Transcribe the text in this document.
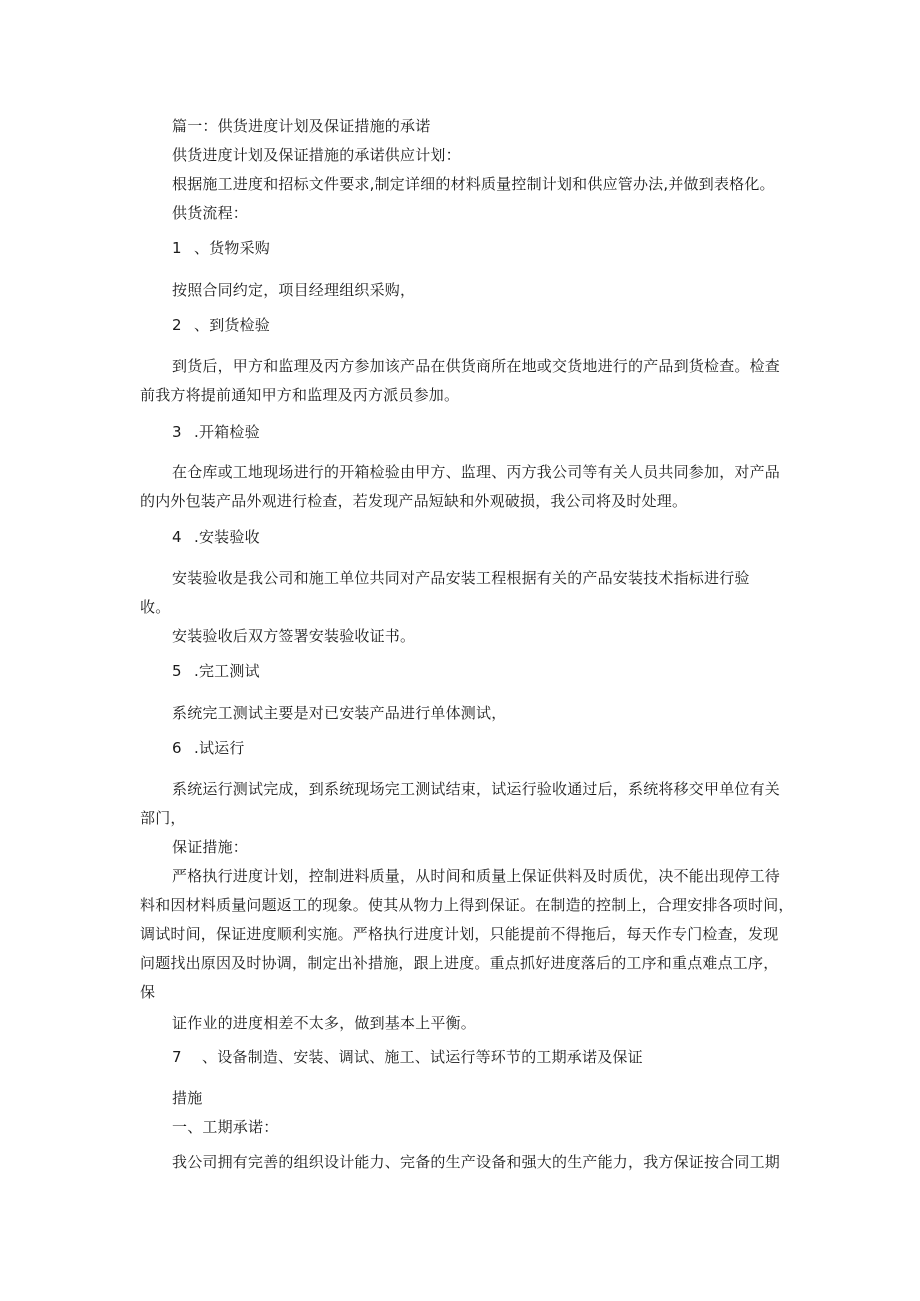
篇一：供货进度计划及保证措施的承诺
供货进度计划及保证措施的承诺供应计划：
根据施工进度和招标文件要求,制定详细的材料质量控制计划和供应管办法,并做到表格化。
供货流程：
1 、货物采购
按照合同约定，项目经理组织采购，
2 、到货检验
到货后，甲方和监理及丙方参加该产品在供货商所在地或交货地进行的产品到货检查。检查
前我方将提前通知甲方和监理及丙方派员参加。
3 .开箱检验
在仓库或工地现场进行的开箱检验由甲方、监理、丙方我公司等有关人员共同参加，对产品
的内外包装产品外观进行检查，若发现产品短缺和外观破损，我公司将及时处理。
4 .安装验收
安装验收是我公司和施工单位共同对产品安装工程根据有关的产品安装技术指标进行验
收。
安装验收后双方签署安装验收证书。
5 .完工测试
系统完工测试主要是对已安装产品进行单体测试，
6 .试运行
系统运行测试完成，到系统现场完工测试结束，试运行验收通过后，系统将移交甲单位有关
部门，
保证措施：
严格执行进度计划，控制进料质量，从时间和质量上保证供料及时质优，决不能出现停工待
料和因材料质量问题返工的现象。使其从物力上得到保证。在制造的控制上，合理安排各项时间，
调试时间，保证进度顺利实施。严格执行进度计划，只能提前不得拖后，每天作专门检查，发现
问题找出原因及时协调，制定出补措施，跟上进度。重点抓好进度落后的工序和重点难点工序，
保
证作业的进度相差不太多，做到基本上平衡。
7 、设备制造、安装、调试、施工、试运行等环节的工期承诺及保证
措施
一、工期承诺：
我公司拥有完善的组织设计能力、完备的生产设备和强大的生产能力，我方保证按合同工期
